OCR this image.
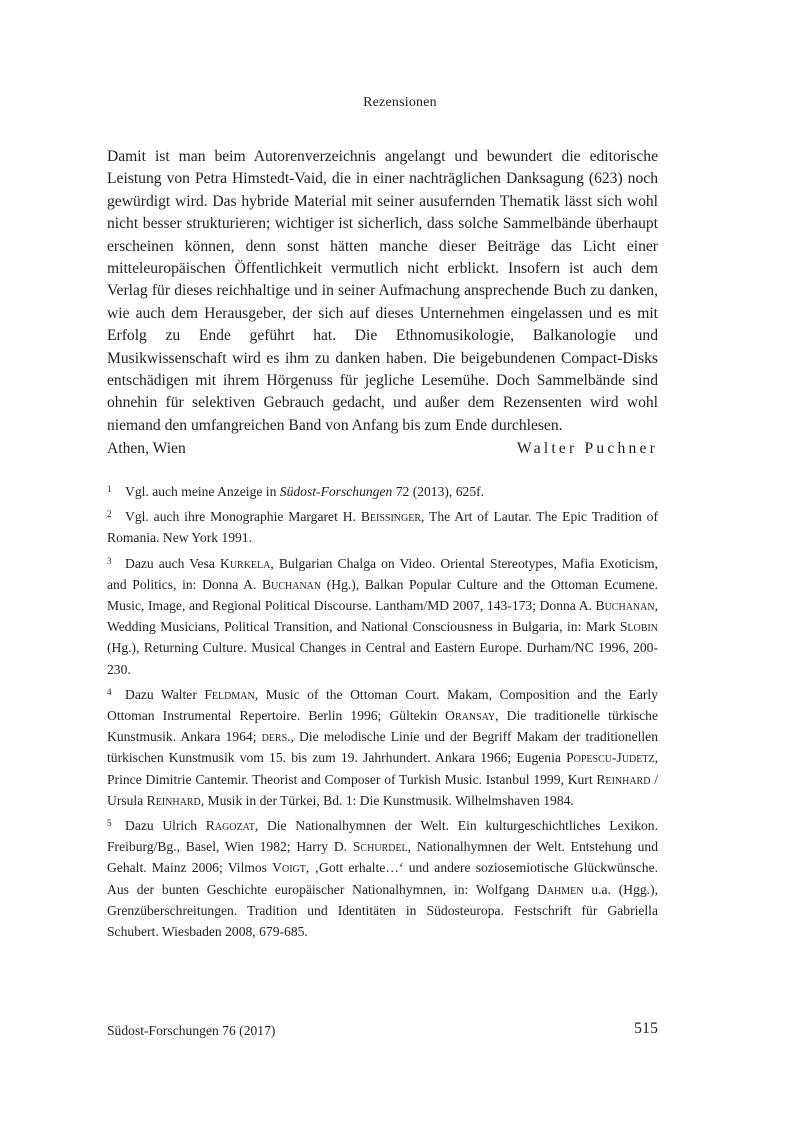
Rezensionen

Damit ist man beim Autorenverzeichnis angelangt und bewundert die editorische Leistung von Petra Himstedt-Vaid, die in einer nachträglichen Danksagung (623) noch gewürdigt wird. Das hybride Material mit seiner ausufernden Thematik lässt sich wohl nicht besser strukturieren; wichtiger ist sicherlich, dass solche Sammelbände überhaupt erscheinen können, denn sonst hätten manche dieser Beiträge das Licht einer mitteleuropäischen Öffentlichkeit vermutlich nicht erblickt. Insofern ist auch dem Verlag für dieses reichhaltige und in seiner Aufmachung ansprechende Buch zu danken, wie auch dem Herausgeber, der sich auf dieses Unternehmen eingelassen und es mit Erfolg zu Ende geführt hat. Die Ethnomusikologie, Balkanologie und Musikwissenschaft wird es ihm zu danken haben. Die beigebundenen Compact-Disks entschädigen mit ihrem Hörgenuss für jegliche Lesemühe. Doch Sammelbände sind ohnehin für selektiven Gebrauch gedacht, und außer dem Rezensenten wird wohl niemand den umfangreichen Band von Anfang bis zum Ende durchlesen.

Athen, Wien	Walter Puchner

1 Vgl. auch meine Anzeige in Südost-Forschungen 72 (2013), 625f.

2 Vgl. auch ihre Monographie Margaret H. Beissinger, The Art of Lautar. The Epic Tradition of Romania. New York 1991.

3 Dazu auch Vesa Kurkela, Bulgarian Chalga on Video. Oriental Stereotypes, Mafia Exoticism, and Politics, in: Donna A. Buchanan (Hg.), Balkan Popular Culture and the Ottoman Ecumene. Music, Image, and Regional Political Discourse. Lantham/MD 2007, 143-173; Donna A. Buchanan, Wedding Musicians, Political Transition, and National Consciousness in Bulgaria, in: Mark Slobin (Hg.), Returning Culture. Musical Changes in Central and Eastern Europe. Durham/NC 1996, 200-230.

4 Dazu Walter Feldman, Music of the Ottoman Court. Makam, Composition and the Early Ottoman Instrumental Repertoire. Berlin 1996; Gültekin Oransay, Die traditionelle türkische Kunstmusik. Ankara 1964; ders., Die melodische Linie und der Begriff Makam der traditionellen türkischen Kunstmusik vom 15. bis zum 19. Jahrhundert. Ankara 1966; Eugenia Popescu-Judetz, Prince Dimitrie Cantemir. Theorist and Composer of Turkish Music. Istanbul 1999, Kurt Reinhard / Ursula Reinhard, Musik in der Türkei, Bd. 1: Die Kunstmusik. Wilhelmshaven 1984.

5 Dazu Ulrich Ragozat, Die Nationalhymnen der Welt. Ein kulturgeschichtliches Lexikon. Freiburg/Bg., Basel, Wien 1982; Harry D. Schurdel, Nationalhymnen der Welt. Entstehung und Gehalt. Mainz 2006; Vilmos Voigt, ‚Gott erhalte…‘ und andere soziosemiotische Glückwünsche. Aus der bunten Geschichte europäischer Nationalhymnen, in: Wolfgang Dahmen u.a. (Hgg.), Grenzüberschreitungen. Tradition und Identitäten in Südosteuropa. Festschrift für Gabriella Schubert. Wiesbaden 2008, 679-685.

Südost-Forschungen 76 (2017)	515
